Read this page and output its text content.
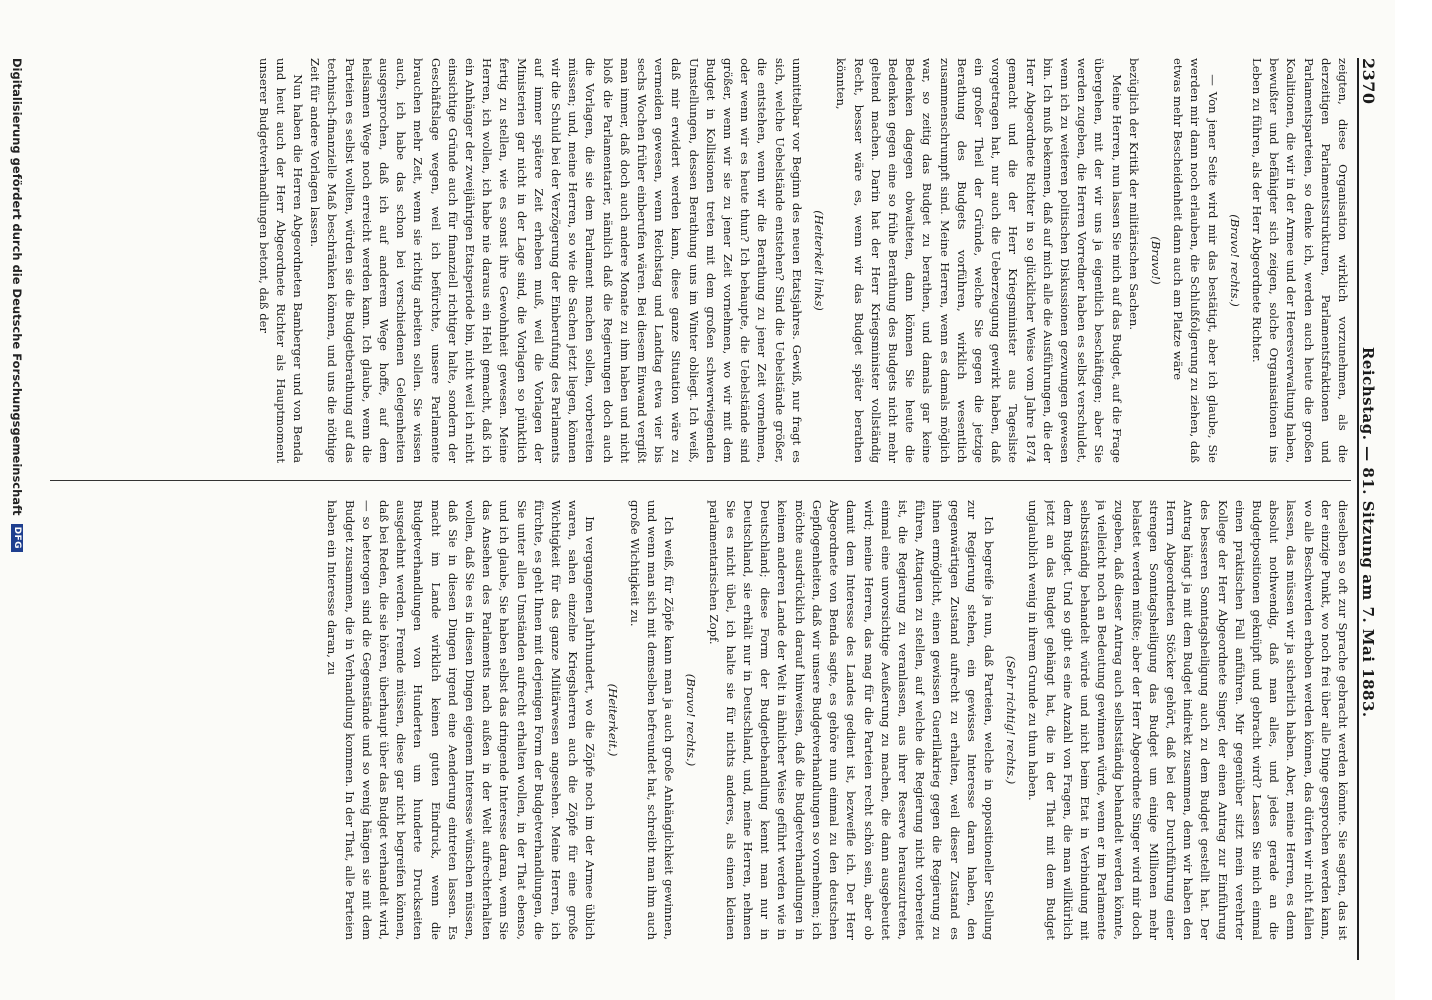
2370
Reichstag. — 81. Sitzung am 7. Mai 1883.

zeigten, diese Organisation wirklich vorzunehmen, als die derzeitigen Parlamentsstrukturen, Parlamentsfraktionen und Parlamentsparteien, so denke ich, werden auch heute die großen Koalitionen, die wir in der Armee und der Heeresverwaltung haben, bewußter und befähigter sich zeigen, solche Organisationen ins Leben zu führen, als der Herr Abgeordnete Richter.

(Bravo! rechts.)

— Von jener Seite wird mir das bestätigt, aber ich glaube, Sie werden mir dann noch erlauben, die Schlußfolgerung zu ziehen, daß etwas mehr Bescheidenheit dann auch am Platze wäre

(Bravo!)

bezüglich der Kritik der militärischen Sachen.

Meine Herren, nun lassen Sie mich auf das Budget, auf die Frage übergehen, mit der wir uns ja eigentlich beschäftigen; aber Sie werden zugeben, die Herren Vorredner haben es selbst verschuldet, wenn ich zu weiteren politischen Diskussionen gezwungen gewesen bin. Ich muß bekennen, daß auf mich alle die Ausführungen, die der Herr Abgeordnete Richter in so glücklicher Weise vom Jahre 1874 gemacht und die der Herr Kriegsminister aus Tagesliste vorgetragen hat, nur auch die Ueberzeugung gewirkt haben, daß ein großer Theil der Gründe, welche Sie gegen die jetzige Berathung des Budgets vorführen, wirklich wesentlich zusammenschrumpft sind. Meine Herren, wenn es damals möglich war, so zeitig das Budget zu berathen, und damals gar keine Bedenken dagegen obwalteten, dann können Sie heute die Bedenken gegen eine so frühe Berathung des Budgets nicht mehr geltend machen. Darin hat der Herr Kriegsminister vollständig Recht, besser wäre es, wenn wir das Budget später berathen könnten,

(Heiterkeit links)

unmittelbar vor Beginn des neuen Etatsjahres. Gewiß, nur fragt es sich, welche Uebelstände entstehen? Sind die Uebelstände größer, die entstehen, wenn wir die Berathung zu jener Zeit vornehmen, oder wenn wir es heute thun? Ich behaupte, die Uebelstände sind größer, wenn wir sie zu jener Zeit vornehmen, wo wir mit dem Budget in Kollisionen treten mit dem großen schwerwiegenden Umstellungen, dessen Berathung uns im Winter obliegt. Ich weiß, daß mir erwidert werden kann, diese ganze Situation wäre zu vermeiden gewesen, wenn Reichstag und Landtag etwa vier bis sechs Wochen früher einberufen wären. Bei diesem Einwand vergißt man immer, daß doch auch andere Monate zu ihm haben und nicht bloß die Parlamentarier, nämlich daß die Regierungen doch auch die Vorlagen, die sie dem Parlament machen sollen, vorbereiten müssen; und, meine Herren, so wie die Sachen jetzt liegen, können wir die Schuld bei der Verzögerung der Einberufung des Parlaments auf immer spätere Zeit erheben muß, weil die Vorlagen der Ministerien gar nicht in der Lage sind, die Vorlagen so pünktlich fertig zu stellen, wie es sonst ihre Gewohnheit gewesen. Meine Herren, ich wollen, ich habe nie daraus ein Hehl gemacht, daß ich ein Anhänger der zweijährigen Etatsperiode bin, nicht weil ich nicht einsichtige Gründe auch für finanziell richtiger halte, sondern der Geschäftslage wegen, weil ich befürchte, unsere Parlamente brauchen mehr Zeit, wenn sie richtig arbeiten sollen. Sie wissen auch, ich habe das schon bei verschiedenen Gelegenheiten ausgesprochen, daß ich auf anderem Wege hoffe, auf dem heilsamen Wege noch erreicht werden kann. Ich glaube, wenn die Parteien es selbst wollten, würden sie die Budgetberathung auf das technisch-finanzielle Maß beschränken können, und uns die nöthige Zeit für andere Vorlagen lassen.

Nun haben die Herren Abgeordneten Bamberger und von Benda und heut auch der Herr Abgeordnete Richter als Hauptmoment unserer Budgetverhandlungen betont, daß der

dieselben so oft zur Sprache gebracht werden könnte. Sie sagten, das ist der einzige Punkt, wo noch frei über alle Dinge gesprochen werden kann, wo alle Beschwerden erhoben werden können, das dürfen wir nicht fallen lassen, das müssen wir ja sicherlich haben. Aber, meine Herren, es denn absolut nothwendig, daß man alles, und jedes gerade an die Budgetpositionen geknüpft und gebracht wird? Lassen Sie mich einmal einen praktischen Fall anführen. Mir gegenüber sitzt mein verehrter Kollege der Herr Abgeordnete Singer, der einen Antrag zur Einführung des besseren Sonntagsheiligung auch zu dem Budget gestellt hat. Der Antrag hängt ja mit dem Budget indirekt zusammen, denn wir haben den Herrn Abgeordneten Stöcker gehört, daß bei der Durchführung einer strengen Sonntagsheiligung das Budget um einige Millionen mehr belastet werden müßte; aber der Herr Abgeordnete Singer wird mir doch zugeben, daß dieser Antrag auch selbstständig behandelt werden könnte, ja vielleicht noch an Bedeutung gewinnen würde, wenn er im Parlamente selbstständig behandelt würde und nicht beim Etat in Verbindung mit dem Budget. Und so gibt es eine Anzahl von Fragen, die man willkürlich jetzt an das Budget gehängt hat, die in der That mit dem Budget unglaublich wenig in ihrem Grunde zu thun haben.

(Sehr richtig! rechts.)

Ich begreife ja nun, daß Parteien, welche in oppositioneller Stellung zur Regierung stehen, ein gewisses Interesse daran haben, den gegenwärtigen Zustand aufrecht zu erhalten, weil dieser Zustand es ihnen ermöglicht, einen gewissen Guerillakrieg gegen die Regierung zu führen, Attaquen zu stellen, auf welche die Regierung nicht vorbereitet ist, die Regierung zu veranlassen, aus ihrer Reserve herauszutreten, einmal eine unvorsichtige Aeußerung zu machen, die dann ausgebeutet wird; meine Herren, das mag für die Parteien recht schön sein, aber ob damit dem Interesse des Landes gedient ist, bezweifle ich. Der Herr Abgeordnete von Benda sagte, es gehöre nun einmal zu den deutschen Gepflogenheiten, daß wir unsere Budgetverhandlungen so vornehmen; ich möchte ausdrücklich darauf hinweisen, daß die Budgetverhandlungen in keinem anderen Lande der Welt in ähnlicher Weise geführt werden wie in Deutschland; diese Form der Budgetbehandlung kennt man nur in Deutschland, sie erhält nur in Deutschland, und, meine Herren, nehmen Sie es nicht übel, ich halte sie für nichts anderes, als einen kleinen parlamentarischen Zopf.

(Bravo! rechts.)

Ich weiß, für Zöpfe kann man ja auch große Anhänglichkeit gewinnen, und wenn man sich mit demselben befreundet hat, schreibt man ihm auch große Wichtigkeit zu.

(Heiterkeit.)

Im vergangenen Jahrhundert, wo die Zöpfe noch im der Armee üblich waren, sahen einzelne Kriegsherren auch die Zöpfe für eine große Wichtigkeit für das ganze Militärwesen angesehen. Meine Herren, ich fürchte, es geht Ihnen mit derjenigen Form der Budgetverhandlungen, die Sie unter allen Umständen aufrecht erhalten wollen, in der That ebenso, und ich glaube, Sie haben selbst das dringende Interesse daran, wenn Sie das Ansehen des Parlaments nach außen in der Welt aufrechterhalten wollen, daß Sie es in diesen Dingen eigenem Interesse wünschen müssen, daß Sie in diesen Dingen irgend eine Aenderung eintreten lassen. Es macht im Lande wirklich keinen guten Eindruck, wenn die Budgetverhandlungen von Hunderten um hunderte Druckseiten ausgedehnt werden. Fremde müssen, diese gar nicht begreifen können, daß bei Reden, die sie hören, überhaupt über das Budget verhandelt wird, — so heterogen sind die Gegenstände und so wenig hängen sie mit dem Budget zusammen, die in Verhandlung kommen. In der That, alle Parteien haben ein Interesse daran, zu

Digitalisierung gefördert durch die Deutsche Forschungsgemeinschaft
DFG
